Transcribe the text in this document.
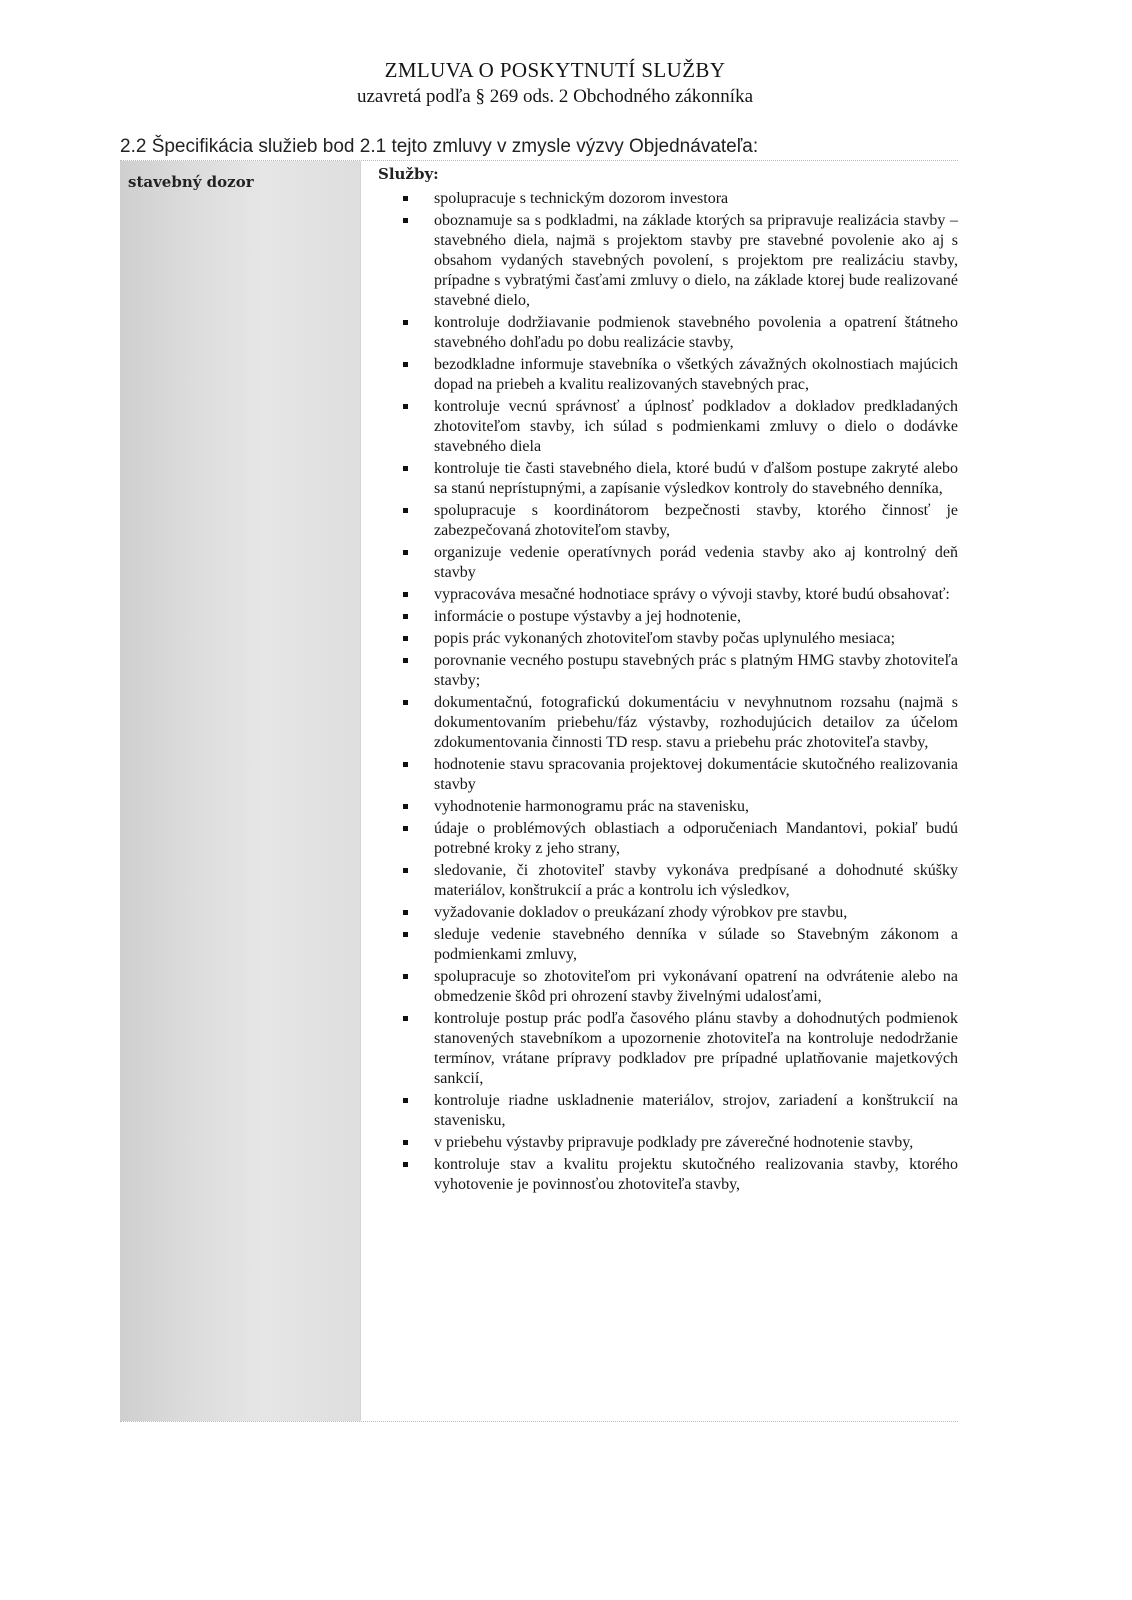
ZMLUVA O POSKYTNUTÍ SLUŽBY
uzavretá podľa § 269 ods. 2 Obchodného zákonníka
2.2 Špecifikácia služieb bod 2.1 tejto zmluvy v zmysle výzvy Objednávateľa:
stavebný dozor	Služby:
spolupracuje s technickým dozorom investora
oboznamuje sa s podkladmi, na základe ktorých sa pripravuje realizácia stavby – stavebného diela, najmä s projektom stavby pre stavebné povolenie ako aj s obsahom vydaných stavebných povolení, s projektom pre realizáciu stavby, prípadne s vybratými časťami zmluvy o dielo, na základe ktorej bude realizované stavebné dielo,
kontroluje dodržiavanie podmienok stavebného povolenia a opatrení štátneho stavebného dohľadu po dobu realizácie stavby,
bezodkladne informuje stavebníka o všetkých závažných okolnostiach majúcich dopad na priebeh a kvalitu realizovaných stavebných prac,
kontroluje vecnú správnosť a úplnosť podkladov a dokladov predkladaných zhotoviteľom stavby, ich súlad s podmienkami zmluvy o dielo o dodávke stavebného diela
kontroluje tie časti stavebného diela, ktoré budú v ďalšom postupe zakryté alebo sa stanú neprístupnými, a zapísanie výsledkov kontroly do stavebného denníka,
spolupracuje s koordinátorom bezpečnosti stavby, ktorého činnosť je zabezpečovaná zhotoviteľom stavby,
organizuje vedenie operatívnych porád vedenia stavby ako aj kontrolný deň stavby
vypracováva mesačné hodnotiace správy o vývoji stavby, ktoré budú obsahovať:
informácie o postupe výstavby a jej hodnotenie,
popis prác vykonaných zhotoviteľom stavby počas uplynulého mesiaca;
porovnanie vecného postupu stavebných prác s platným HMG stavby zhotoviteľa stavby;
dokumentačnú, fotografickú dokumentáciu v nevyhnutnom rozsahu (najmä s dokumentovaním priebehu/fáz výstavby, rozhodujúcich detailov za účelom zdokumentovania činnosti TD resp. stavu a priebehu prác zhotoviteľa stavby,
hodnotenie stavu spracovania projektovej dokumentácie skutočného realizovania stavby
vyhodnotenie harmonogramu prác na stavenisku,
údaje o problémových oblastiach a odporučeniach Mandantovi, pokiaľ budú potrebné kroky z jeho strany,
sledovanie, či zhotoviteľ stavby vykonáva predpísané a dohodnuté skúšky materiálov, konštrukcií a prác a kontrolu ich výsledkov,
vyžadovanie dokladov o preukázaní zhody výrobkov pre stavbu,
sleduje vedenie stavebného denníka v súlade so Stavebným zákonom a podmienkami zmluvy,
spolupracuje so zhotoviteľom pri vykonávaní opatrení na odvrátenie alebo na obmedzenie škôd pri ohrození stavby živelnými udalosťami,
kontroluje postup prác podľa časového plánu stavby a dohodnutých podmienok stanovených stavebníkom a upozornenie zhotoviteľa na kontroluje nedodržanie termínov, vrátane prípravy podkladov pre prípadné uplatňovanie majetkových sankcií,
kontroluje riadne uskladnenie materiálov, strojov, zariadení a konštrukcií na stavenisku,
v priebehu výstavby pripravuje podklady pre záverečné hodnotenie stavby,
kontroluje stav a kvalitu projektu skutočného realizovania stavby, ktorého vyhotovenie je povinnosťou zhotoviteľa stavby,
